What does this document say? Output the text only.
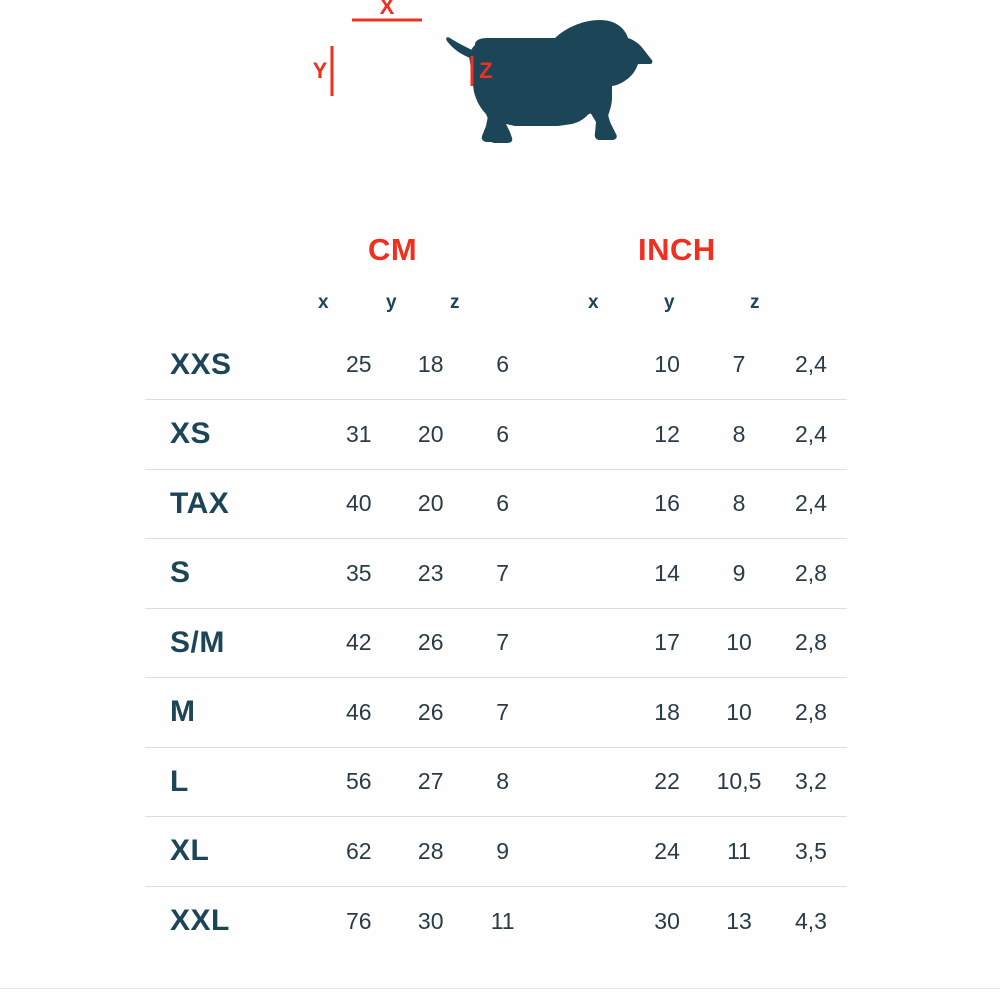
X
Y	Z
CM	INCH
x	y	z	x	y	z
XXS	25	18	6		10	7	2,4
XS	31	20	6		12	8	2,4
TAX	40	20	6		16	8	2,4
S	35	23	7		14	9	2,8
S/M	42	26	7		17	10	2,8
M	46	26	7		18	10	2,8
L	56	27	8		22	10,5	3,2
XL	62	28	9		24	11	3,5
XXL	76	30	11		30	13	4,3
